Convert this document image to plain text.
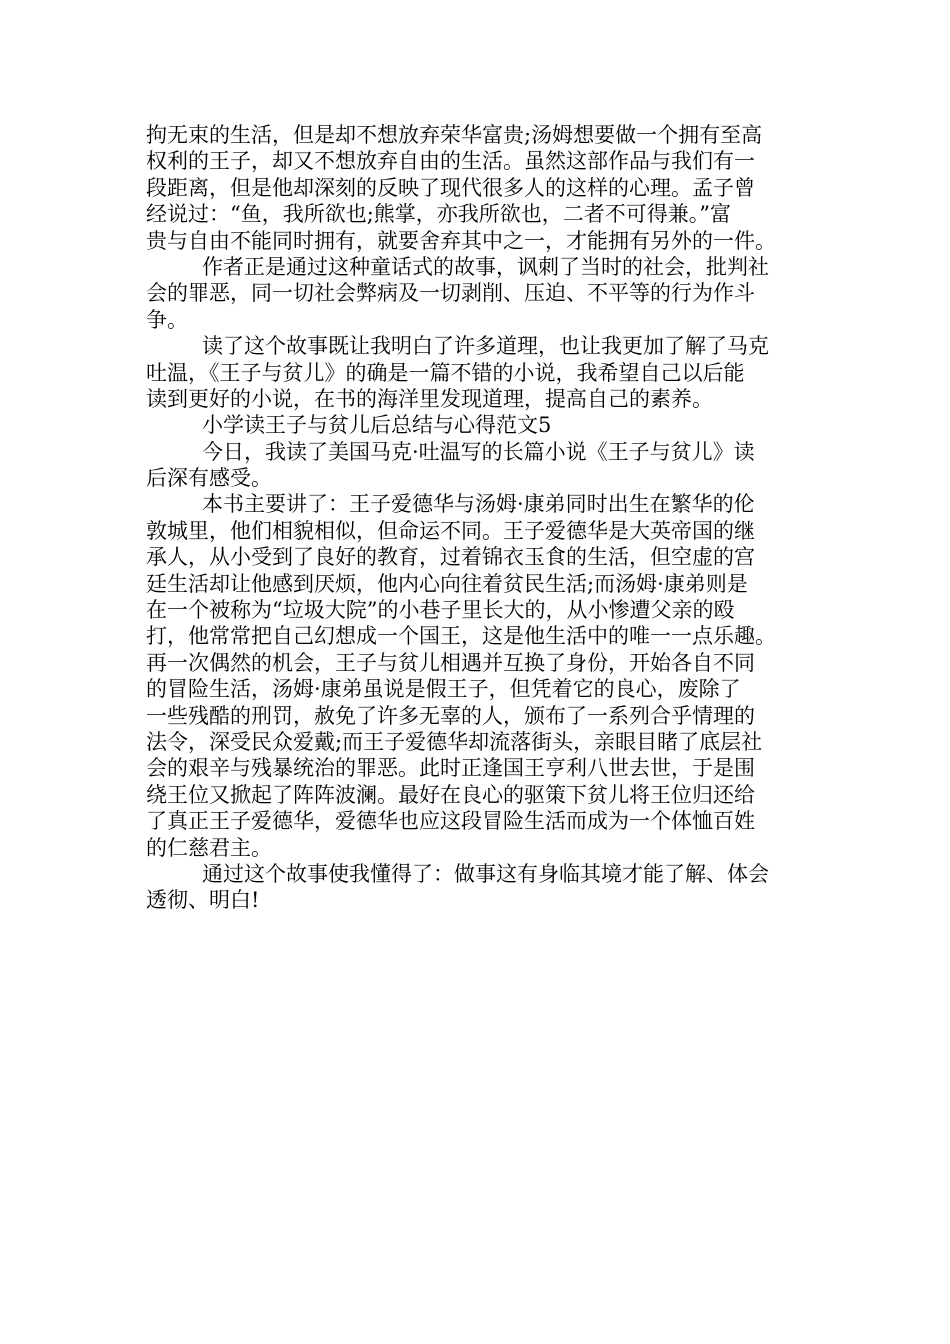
拘无束的生活，但是却不想放弃荣华富贵;汤姆想要做一个拥有至高
权利的王子，却又不想放弃自由的生活。虽然这部作品与我们有一
段距离，但是他却深刻的反映了现代很多人的这样的心理。孟子曾
经说过：“鱼，我所欲也;熊掌，亦我所欲也，二者不可得兼。”富
贵与自由不能同时拥有，就要舍弃其中之一，才能拥有另外的一件。
作者正是通过这种童话式的故事，讽刺了当时的社会，批判社
会的罪恶，同一切社会弊病及一切剥削、压迫、不平等的行为作斗
争。
读了这个故事既让我明白了许多道理，也让我更加了解了马克
吐温，《王子与贫儿》的确是一篇不错的小说，我希望自己以后能
读到更好的小说，在书的海洋里发现道理，提高自己的素养。
小学读王子与贫儿后总结与心得范文5
今日，我读了美国马克·吐温写的长篇小说《王子与贫儿》读
后深有感受。
本书主要讲了：王子爱德华与汤姆·康弟同时出生在繁华的伦
敦城里，他们相貌相似，但命运不同。王子爱德华是大英帝国的继
承人，从小受到了良好的教育，过着锦衣玉食的生活，但空虚的宫
廷生活却让他感到厌烦，他内心向往着贫民生活;而汤姆·康弟则是
在一个被称为“垃圾大院”的小巷子里长大的，从小惨遭父亲的殴
打，他常常把自己幻想成一个国王，这是他生活中的唯一一点乐趣。
再一次偶然的机会，王子与贫儿相遇并互换了身份，开始各自不同
的冒险生活，汤姆·康弟虽说是假王子，但凭着它的良心，废除了
一些残酷的刑罚，赦免了许多无辜的人，颁布了一系列合乎情理的
法令，深受民众爱戴;而王子爱德华却流落街头，亲眼目睹了底层社
会的艰辛与残暴统治的罪恶。此时正逢国王亨利八世去世，于是围
绕王位又掀起了阵阵波澜。最好在良心的驱策下贫儿将王位归还给
了真正王子爱德华，爱德华也应这段冒险生活而成为一个体恤百姓
的仁慈君主。
通过这个故事使我懂得了：做事这有身临其境才能了解、体会
透彻、明白!
